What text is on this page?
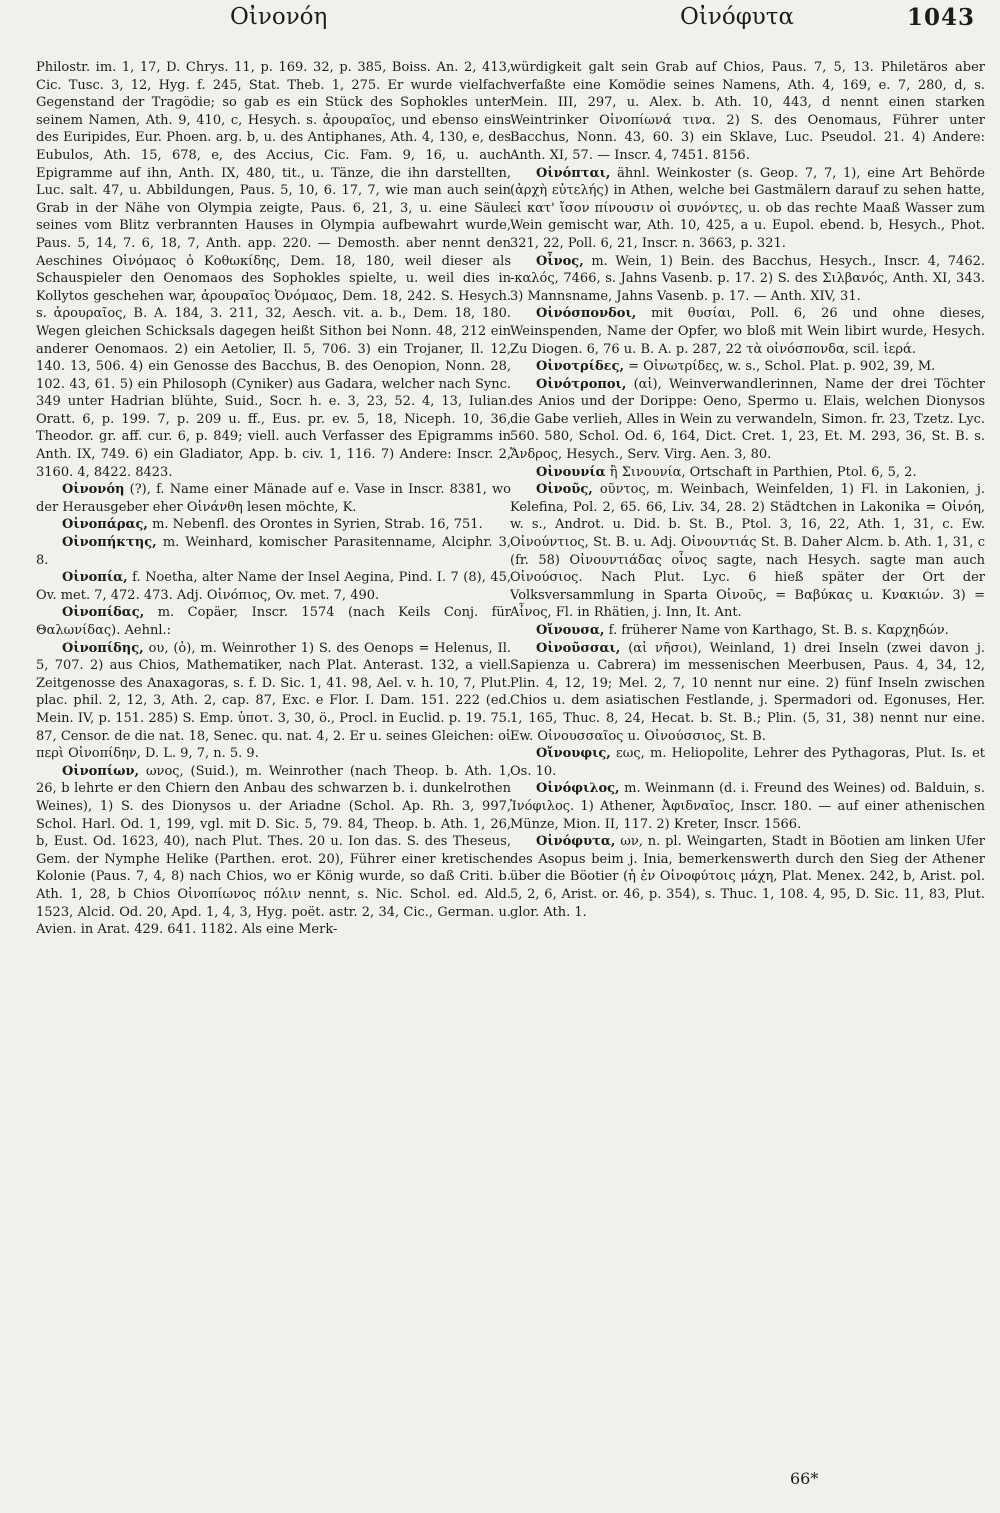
Οἰνονόη	Οἰνόφυτα	1043

Philostr. im. 1, 17, D. Chrys. 11, p. 169. 32, p. 385, Boiss. An. 2, 413, Cic. Tusc. 3, 12, Hyg. f. 245, Stat. Theb. 1, 275. Er wurde vielfach Gegenstand der Tragödie; so gab es ein Stück des Sophokles unter seinem Namen, Ath. 9, 410, c, Hesych. s. ἀρουραῖος, und ebenso eins des Euripides, Eur. Phoen. arg. b, u. des Antiphanes, Ath. 4, 130, e, des Eubulos, Ath. 15, 678, e, des Accius, Cic. Fam. 9, 16, u. auch Epigramme auf ihn, Anth. IX, 480, tit., u. Tänze, die ihn darstellten, Luc. salt. 47, u. Abbildungen, Paus. 5, 10, 6. 17, 7, wie man auch sein Grab in der Nähe von Olympia zeigte, Paus. 6, 21, 3, u. eine Säule seines vom Blitz verbrannten Hauses in Olympia aufbewahrt wurde, Paus. 5, 14, 7. 6, 18, 7, Anth. app. 220. — Demosth. aber nennt den Aeschines Οἰνόμαος ὁ Κοθωκίδης, Dem. 18, 180, weil dieser als Schauspieler den Oenomaos des Sophokles spielte, u. weil dies in Kollytos geschehen war, ἀρουραῖος Ὀνόμαος, Dem. 18, 242. S. Hesych. s. ἀρουραῖος, B. A. 184, 3. 211, 32, Aesch. vit. a. b., Dem. 18, 180. Wegen gleichen Schicksals dagegen heißt Sithon bei Nonn. 48, 212 ein anderer Oenomaos. 2) ein Aetolier, Il. 5, 706. 3) ein Trojaner, Il. 12, 140. 13, 506. 4) ein Genosse des Bacchus, B. des Oenopion, Nonn. 28, 102. 43, 61. 5) ein Philosoph (Cyniker) aus Gadara, welcher nach Sync. 349 unter Hadrian blühte, Suid., Socr. h. e. 3, 23, 52. 4, 13, Iulian. Oratt. 6, p. 199. 7, p. 209 u. ff., Eus. pr. ev. 5, 18, Niceph. 10, 36, Theodor. gr. aff. cur. 6, p. 849; viell. auch Verfasser des Epigramms in Anth. IX, 749. 6) ein Gladiator, App. b. civ. 1, 116. 7) Andere: Inscr. 2, 3160. 4, 8422. 8423.

Οἰνονόη (?), f. Name einer Mänade auf e. Vase in Inscr. 8381, wo der Herausgeber eher Οἰνάνθη lesen möchte, K.

Οἰνοπάρας, m. Nebenfl. des Orontes in Syrien, Strab. 16, 751.

Οἰνοπήκτης, m. Weinhard, komischer Parasitenname, Alciphr. 3, 8.

Οἰνοπία, f. Noetha, alter Name der Insel Aegina, Pind. I. 7 (8), 45, Ov. met. 7, 472. 473. Adj. Οἰνόπιος, Ov. met. 7, 490.

Οἰνοπίδας, m. Copäer, Inscr. 1574 (nach Keils Conj. für Θαλωνίδας). Aehnl.:

Οἰνοπίδης, ου, (ὁ), m. Weinrother 1) S. des Oenops = Helenus, Il. 5, 707. 2) aus Chios, Mathematiker, nach Plat. Anterast. 132, a viell. Zeitgenosse des Anaxagoras, s. f. D. Sic. 1, 41. 98, Ael. v. h. 10, 7, Plut. plac. phil. 2, 12, 3, Ath. 2, cap. 87, Exc. e Flor. I. Dam. 151. 222 (ed. Mein. IV, p. 151. 285) S. Emp. ὑποτ. 3, 30, ö., Procl. in Euclid. p. 19. 75. 87, Censor. de die nat. 18, Senec. qu. nat. 4, 2. Er u. seines Gleichen: οἱ περὶ Οἰνοπίδην, D. L. 9, 7, n. 5. 9.

Οἰνοπίων, ωνος, (Suid.), m. Weinrother (nach Theop. b. Ath. 1, 26, b lehrte er den Chiern den Anbau des schwarzen b. i. dunkelrothen Weines), 1) S. des Dionysos u. der Ariadne (Schol. Ap. Rh. 3, 997, Schol. Harl. Od. 1, 199, vgl. mit D. Sic. 5, 79. 84, Theop. b. Ath. 1, 26, b, Eust. Od. 1623, 40), nach Plut. Thes. 20 u. Ion das. S. des Theseus, Gem. der Nymphe Helike (Parthen. erot. 20), Führer einer kretischen Kolonie (Paus. 7, 4, 8) nach Chios, wo er König wurde, so daß Criti. b. Ath. 1, 28, b Chios Οἰνοπίωνος πόλιν nennt, s. Nic. Schol. ed. Ald. 1523, Alcid. Od. 20, Apd. 1, 4, 3, Hyg. poët. astr. 2, 34, Cic., German. u. Avien. in Arat. 429. 641. 1182. Als eine Merk-

würdigkeit galt sein Grab auf Chios, Paus. 7, 5, 13. Philetäros aber verfaßte eine Komödie seines Namens, Ath. 4, 169, e. 7, 280, d, s. Mein. III, 297, u. Alex. b. Ath. 10, 443, d nennt einen starken Weintrinker Οἰνοπίωνά τινα. 2) S. des Oenomaus, Führer unter Bacchus, Nonn. 43, 60. 3) ein Sklave, Luc. Pseudol. 21. 4) Andere: Anth. XI, 57. — Inscr. 4, 7451. 8156.

Οἰνόπται, ähnl. Weinkoster (s. Geop. 7, 7, 1), eine Art Behörde (ἀρχὴ εὐτελής) in Athen, welche bei Gastmälern darauf zu sehen hatte, εἰ κατ' ἴσον πίνουσιν οἱ συνόντες, u. ob das rechte Maaß Wasser zum Wein gemischt war, Ath. 10, 425, a u. Eupol. ebend. b, Hesych., Phot. 321, 22, Poll. 6, 21, Inscr. n. 3663, p. 321.

Οἶνος, m. Wein, 1) Bein. des Bacchus, Hesych., Inscr. 4, 7462. -καλός, 7466, s. Jahns Vasenb. p. 17. 2) S. des Σιλβανός, Anth. XI, 343. 3) Mannsname, Jahns Vasenb. p. 17. — Anth. XIV, 31.

Οἰνόσπονδοι, mit θυσίαι, Poll. 6, 26 und ohne dieses, Weinspenden, Name der Opfer, wo bloß mit Wein libirt wurde, Hesych. Zu Diogen. 6, 76 u. B. A. p. 287, 22 τὰ οἰνόσπονδα, scil. ἱερά.

Οἰνοτρίδες, = Οἰνωτρίδες, w. s., Schol. Plat. p. 902, 39, M.

Οἰνότροποι, (αἱ), Weinverwandlerinnen, Name der drei Töchter des Anios und der Dorippe: Oeno, Spermo u. Elais, welchen Dionysos die Gabe verlieh, Alles in Wein zu verwandeln, Simon. fr. 23, Tzetz. Lyc. 560. 580, Schol. Od. 6, 164, Dict. Cret. 1, 23, Et. M. 293, 36, St. B. s. Ἄνδρος, Hesych., Serv. Virg. Aen. 3, 80.

Οἰνουνία ἢ Σινουνία, Ortschaft in Parthien, Ptol. 6, 5, 2.

Οἰνοῦς, οῦντος, m. Weinbach, Weinfelden, 1) Fl. in Lakonien, j. Kelefina, Pol. 2, 65. 66, Liv. 34, 28. 2) Städtchen in Lakonika = Οἰνόη, w. s., Androt. u. Did. b. St. B., Ptol. 3, 16, 22, Ath. 1, 31, c. Ew. Οἰνούντιος, St. B. u. Adj. Οἰνουντιάς St. B. Daher Alcm. b. Ath. 1, 31, c (fr. 58) Οἰνουντιάδας οἶνος sagte, nach Hesych. sagte man auch Οἰνούσιος. Nach Plut. Lyc. 6 hieß später der Ort der Volksversammlung in Sparta Οἰνοῦς, = Βαβύκας u. Κνακιών. 3) = Αἶνος, Fl. in Rhätien, j. Inn, It. Ant.

Οἴνουσα, f. früherer Name von Karthago, St. B. s. Καρχηδών.

Οἰνοῦσσαι, (αἱ νῆσοι), Weinland, 1) drei Inseln (zwei davon j. Sapienza u. Cabrera) im messenischen Meerbusen, Paus. 4, 34, 12, Plin. 4, 12, 19; Mel. 2, 7, 10 nennt nur eine. 2) fünf Inseln zwischen Chios u. dem asiatischen Festlande, j. Spermadori od. Egonuses, Her. 1, 165, Thuc. 8, 24, Hecat. b. St. B.; Plin. (5, 31, 38) nennt nur eine. Ew. Οἰνουσσαῖος u. Οἰνούσσιος, St. B.

Οἴνουφις, εως, m. Heliopolite, Lehrer des Pythagoras, Plut. Is. et Os. 10.

Οἰνόφιλος, m. Weinmann (d. i. Freund des Weines) od. Balduin, s. Ἰνόφιλος. 1) Athener, Ἀφιδναῖος, Inscr. 180. — auf einer athenischen Münze, Mion. II, 117. 2) Kreter, Inscr. 1566.

Οἰνόφυτα, ων, n. pl. Weingarten, Stadt in Böotien am linken Ufer des Asopus beim j. Inia, bemerkenswerth durch den Sieg der Athener über die Böotier (ἡ ἐν Οἰνοφύτοις μάχη, Plat. Menex. 242, b, Arist. pol. 5, 2, 6, Arist. or. 46, p. 354), s. Thuc. 1, 108. 4, 95, D. Sic. 11, 83, Plut. glor. Ath. 1.

66*
